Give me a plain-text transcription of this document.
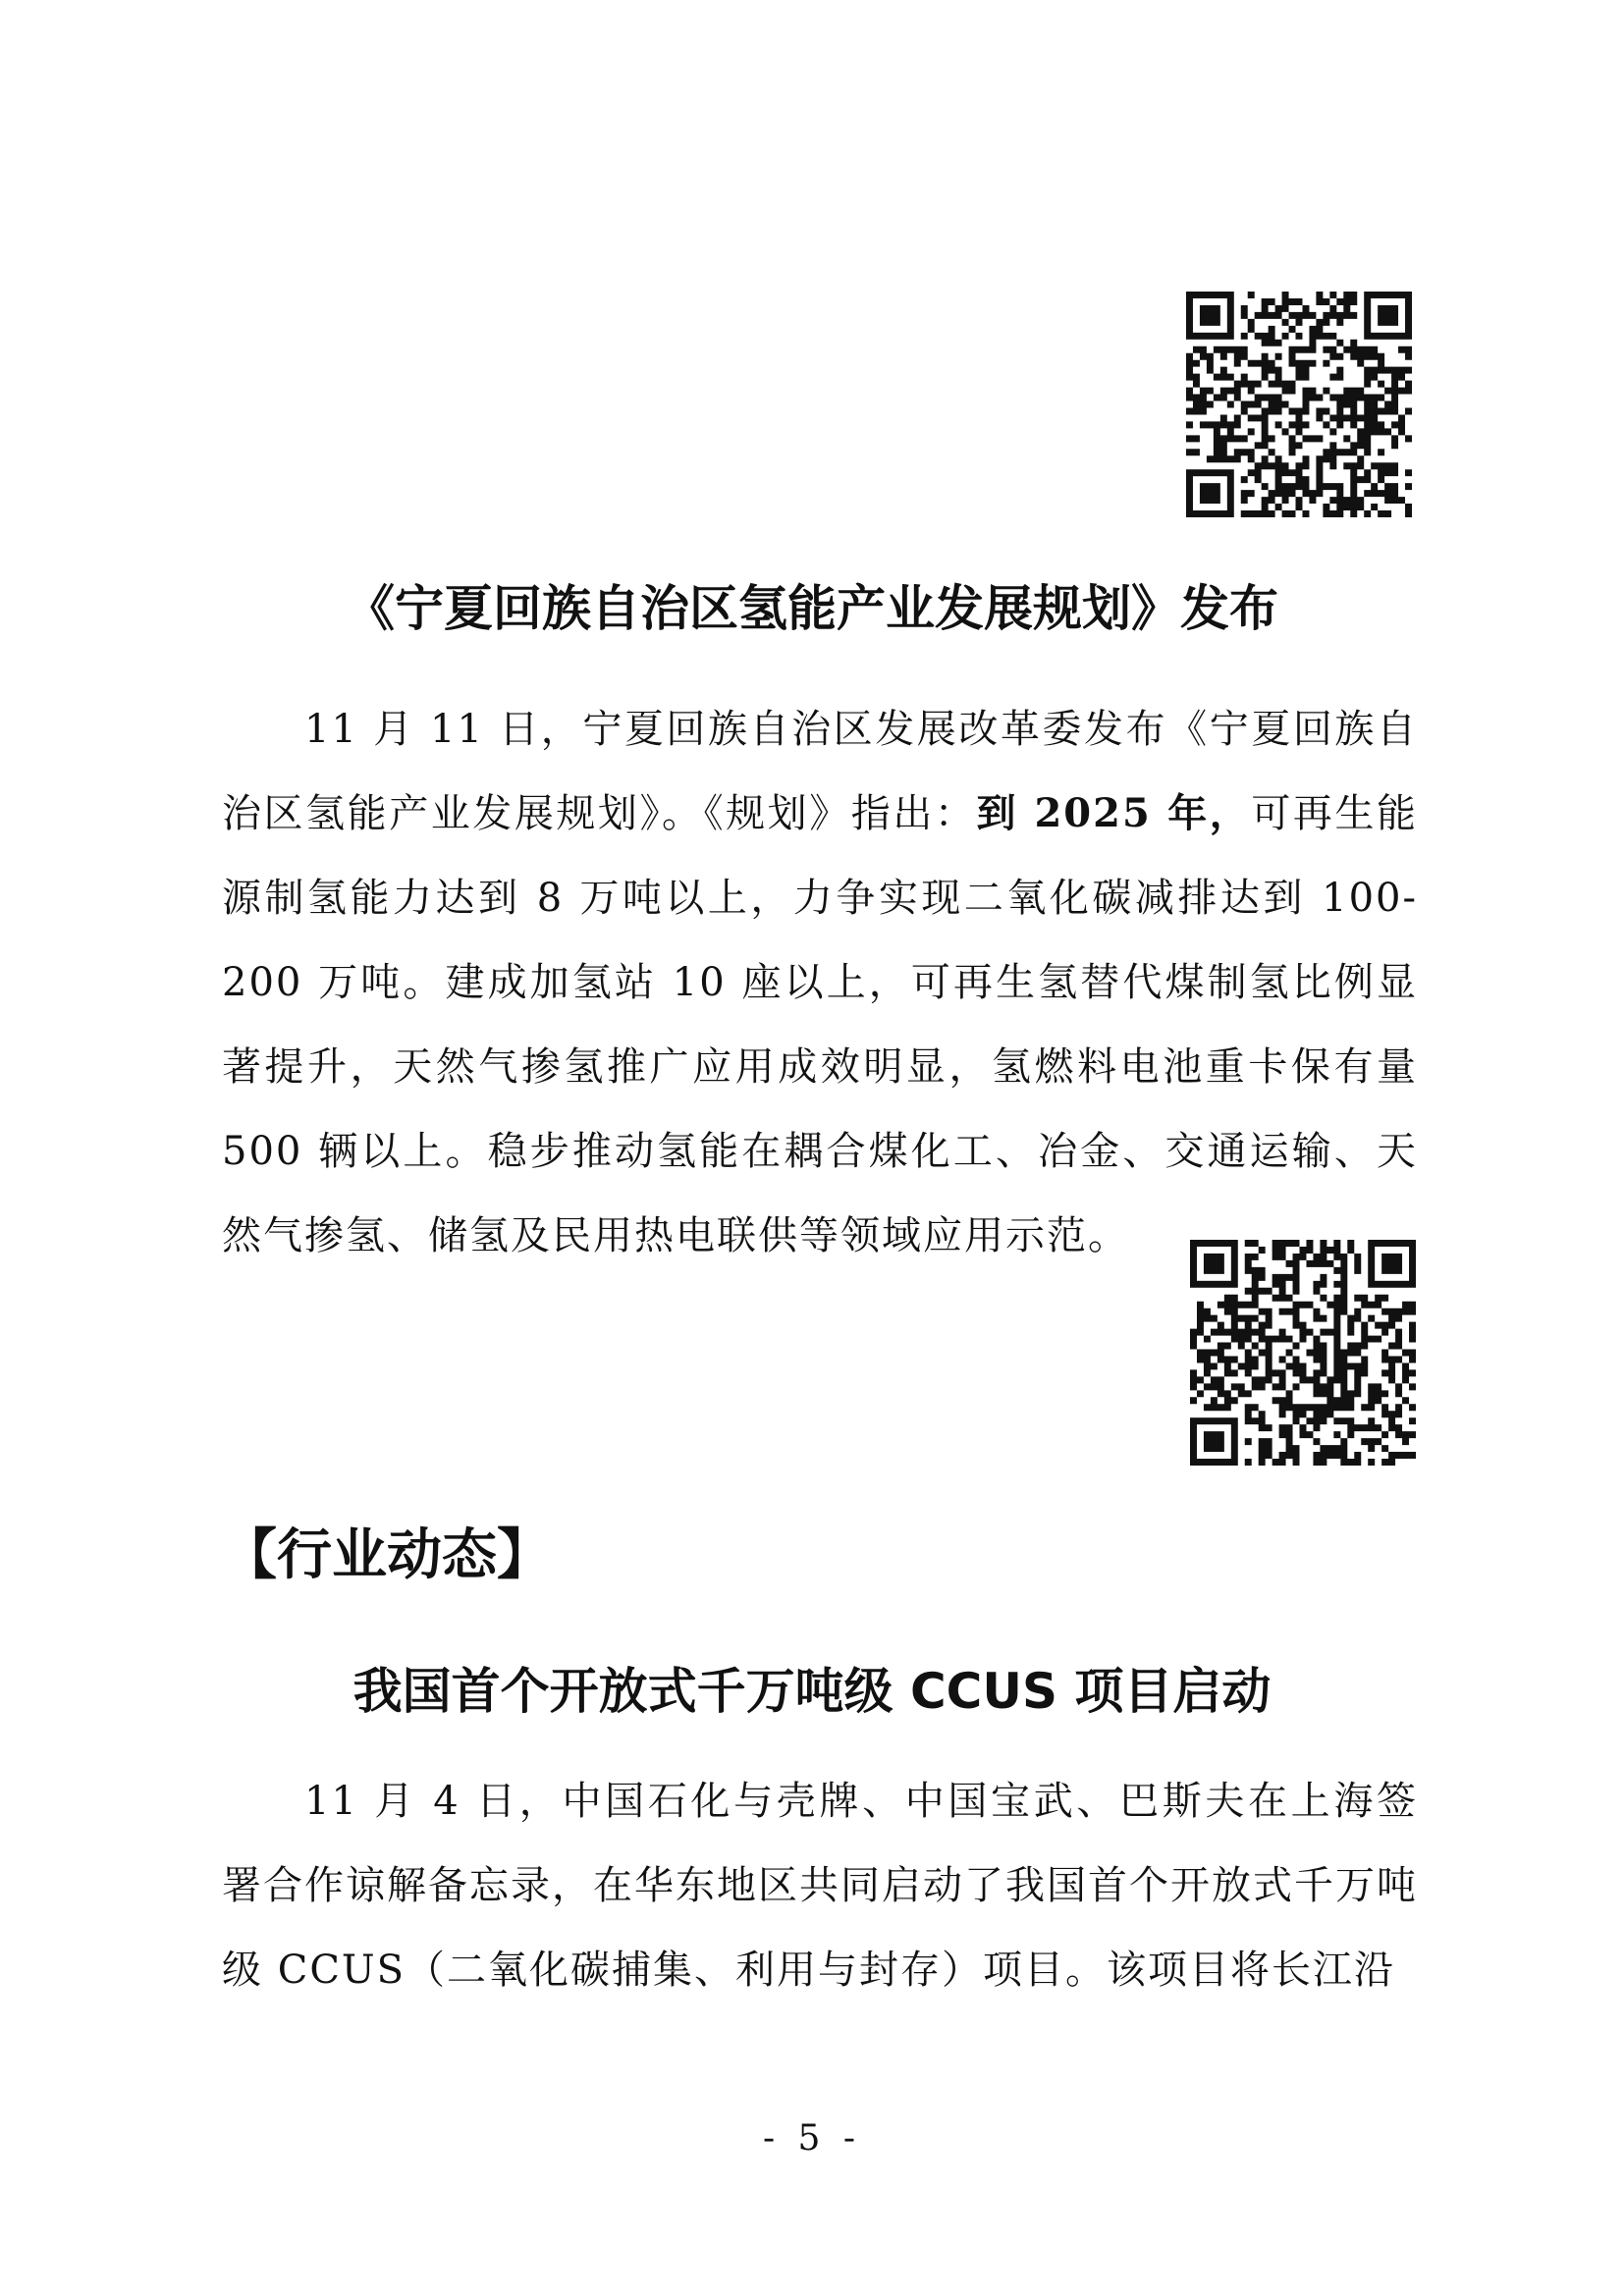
《宁夏回族自治区氢能产业发展规划》发布

11 月 11 日，宁夏回族自治区发展改革委发布《宁夏回族自治区氢能产业发展规划》。《规划》指出：到 2025 年，可再生能源制氢能力达到 8 万吨以上，力争实现二氧化碳减排达到 100-200 万吨。建成加氢站 10 座以上，可再生氢替代煤制氢比例显著提升，天然气掺氢推广应用成效明显，氢燃料电池重卡保有量 500 辆以上。稳步推动氢能在耦合煤化工、冶金、交通运输、天然气掺氢、储氢及民用热电联供等领域应用示范。

【行业动态】
我国首个开放式千万吨级 CCUS 项目启动

11 月 4 日，中国石化与壳牌、中国宝武、巴斯夫在上海签署合作谅解备忘录，在华东地区共同启动了我国首个开放式千万吨级 CCUS（二氧化碳捕集、利用与封存）项目。该项目将长江沿

- 5 -
